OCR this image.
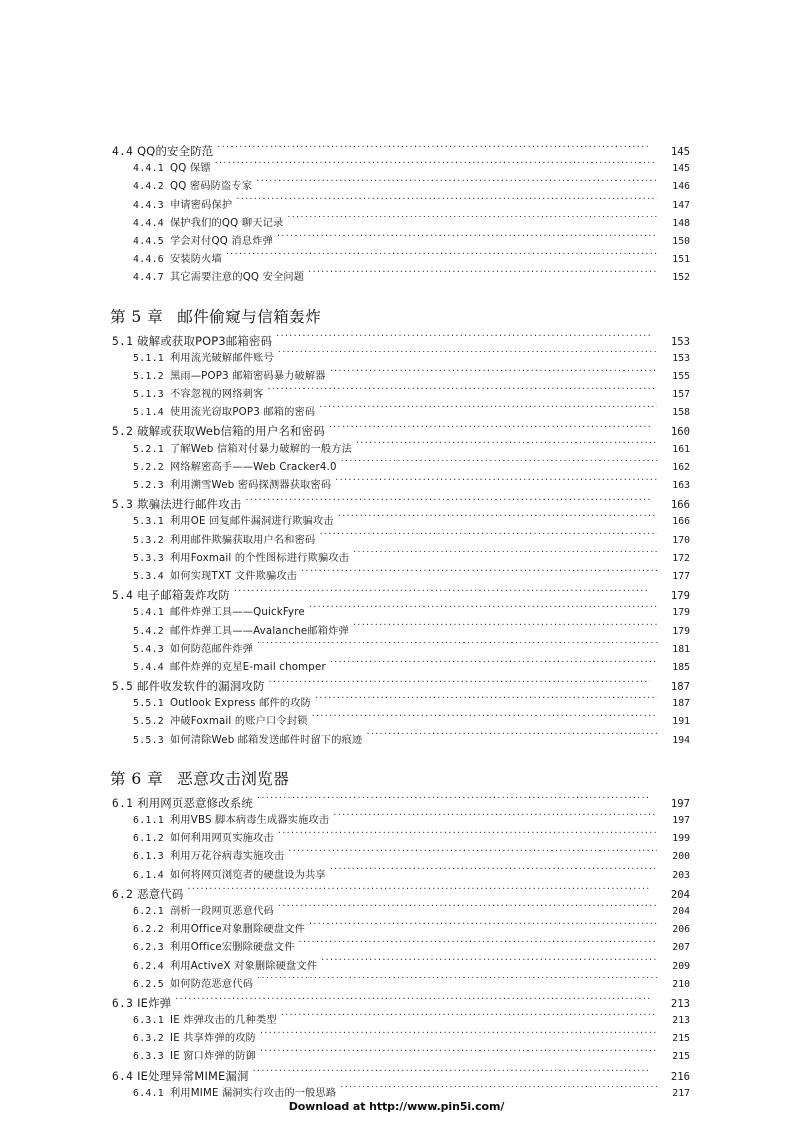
4.4 QQ的安全防范 .....	145
4.4.1 QQ 保镖 .....	145
4.4.2 QQ 密码防盗专家 .....	146
4.4.3 申请密码保护 .....	147
4.4.4 保护我们的QQ 聊天记录 .....	148
4.4.5 学会对付QQ 消息炸弹 .....	150
4.4.6 安装防火墙 .....	151
4.4.7 其它需要注意的QQ 安全问题 .....	152
第 5 章 邮件偷窥与信箱轰炸
5.1 破解或获取POP3邮箱密码 .....	153
5.1.1 利用流光破解邮件账号 .....	153
5.1.2 黑雨—POP3 邮箱密码暴力破解器 .....	155
5.1.3 不容忽视的网络刺客 .....	157
5.1.4 使用流光窃取POP3 邮箱的密码 .....	158
5.2 破解或获取Web信箱的用户名和密码 .....	160
5.2.1 了解Web 信箱对付暴力破解的一般方法 .....	161
5.2.2 网络解密高手——Web Cracker4.0 .....	162
5.2.3 利用溯雪Web 密码探测器获取密码 .....	163
5.3 欺骗法进行邮件攻击 .....	166
5.3.1 利用OE 回复邮件漏洞进行欺骗攻击 .....	166
5.3.2 利用邮件欺骗获取用户名和密码 .....	170
5.3.3 利用Foxmail 的个性图标进行欺骗攻击 .....	172
5.3.4 如何实现TXT 文件欺骗攻击 .....	177
5.4 电子邮箱轰炸攻防 .....	179
5.4.1 邮件炸弹工具——QuickFyre .....	179
5.4.2 邮件炸弹工具——Avalanche邮箱炸弹 .....	179
5.4.3 如何防范邮件炸弹 .....	181
5.4.4 邮件炸弹的克星E-mail chomper .....	185
5.5 邮件收发软件的漏洞攻防 .....	187
5.5.1 Outlook Express 邮件的攻防 .....	187
5.5.2 冲破Foxmail 的账户口令封锁 .....	191
5.5.3 如何清除Web 邮箱发送邮件时留下的痕迹 .....	194
第 6 章 恶意攻击浏览器
6.1 利用网页恶意修改系统 .....	197
6.1.1 利用VBS 脚本病毒生成器实施攻击 .....	197
6.1.2 如何利用网页实施攻击 .....	199
6.1.3 利用万花谷病毒实施攻击 .....	200
6.1.4 如何将网页浏览者的硬盘设为共享 .....	203
6.2 恶意代码 .....	204
6.2.1 剖析一段网页恶意代码 .....	204
6.2.2 利用Office对象删除硬盘文件 .....	206
6.2.3 利用Office宏删除硬盘文件 .....	207
6.2.4 利用ActiveX 对象删除硬盘文件 .....	209
6.2.5 如何防范恶意代码 .....	210
6.3 IE炸弹 .....	213
6.3.1 IE 炸弹攻击的几种类型 .....	213
6.3.2 IE 共享炸弹的攻防 .....	215
6.3.3 IE 窗口炸弹的防御 .....	215
6.4 IE处理异常MIME漏洞 .....	216
6.4.1 利用MIME 漏洞实行攻击的一般思路 .....	217
Download at http://www.pin5i.com/
